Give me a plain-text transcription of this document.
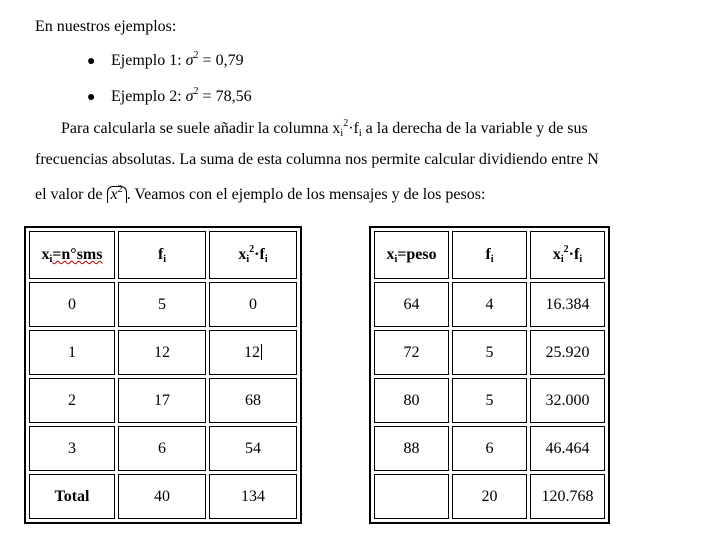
En nuestros ejemplos:
● Ejemplo 1: $\sigma^2 = 0,79$
● Ejemplo 2: $\sigma^2 = 78,56$
Para calcularla se suele añadir la columna $x_i^2\cdot f_i$ a la derecha de la variable y de sus
frecuencias absolutas. La suma de esta columna nos permite calcular dividiendo entre N
el valor de $x^2$ . Veamos con el ejemplo de los mensajes y de los pesos:
$x_i=n^\circ sms$	$f_i$	$x_i^2\cdot f_i$
0	5	0
1	12	12
2	17	68
3	6	54
Total	40	134
$x_i=peso$	$f_i$	$x_i^2\cdot f_i$
64	4	16.384
72	5	25.920
80	5	32.000
88	6	46.464
	20	120.768
